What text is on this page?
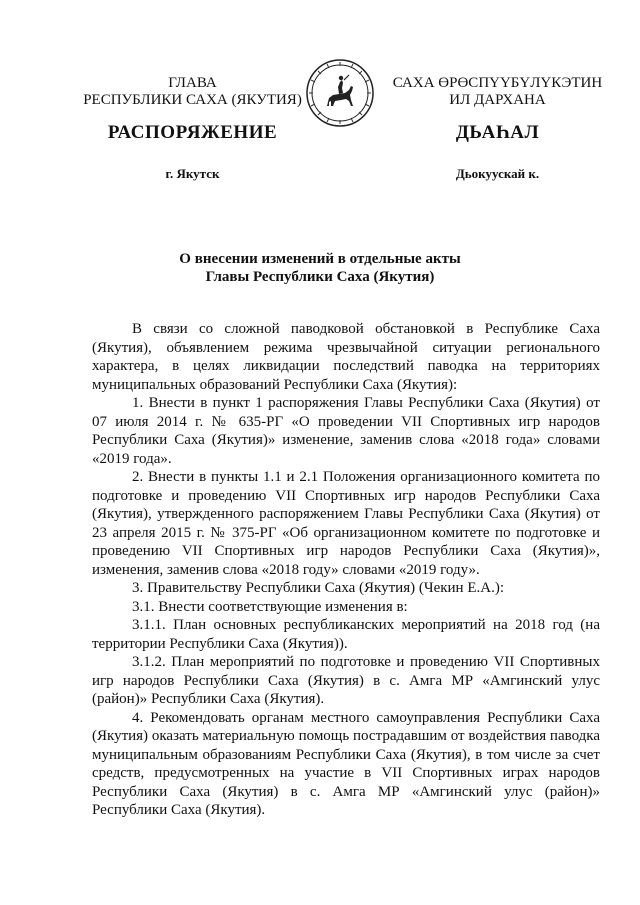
ГЛАВА
РЕСПУБЛИКИ САХА (ЯКУТИЯ)
САХА ӨРӨСПҮҮБҮЛҮКЭТИН
ИЛ ДАРХАНА
РАСПОРЯЖЕНИЕ	ДЬАҺАЛ
г. Якутск	Дьокуускай к.
О внесении изменений в отдельные акты
Главы Республики Саха (Якутия)

В связи со сложной паводковой обстановкой в Республике Саха (Якутия), объявлением режима чрезвычайной ситуации регионального характера, в целях ликвидации последствий паводка на территориях муниципальных образований Республики Саха (Якутия):

1. Внести в пункт 1 распоряжения Главы Республики Саха (Якутия) от 07 июля 2014 г. № 635-РГ «О проведении VII Спортивных игр народов Республики Саха (Якутия)» изменение, заменив слова «2018 года» словами «2019 года».

2. Внести в пункты 1.1 и 2.1 Положения организационного комитета по подготовке и проведению VII Спортивных игр народов Республики Саха (Якутия), утвержденного распоряжением Главы Республики Саха (Якутия) от 23 апреля 2015 г. № 375-РГ «Об организационном комитете по подготовке и проведению VII Спортивных игр народов Республики Саха (Якутия)», изменения, заменив слова «2018 году» словами «2019 году».

3. Правительству Республики Саха (Якутия) (Чекин Е.А.):

3.1. Внести соответствующие изменения в:

3.1.1. План основных республиканских мероприятий на 2018 год (на территории Республики Саха (Якутия)).

3.1.2. План мероприятий по подготовке и проведению VII Спортивных игр народов Республики Саха (Якутия) в с. Амга МР «Амгинский улус (район)» Республики Саха (Якутия).

4. Рекомендовать органам местного самоуправления Республики Саха (Якутия) оказать материальную помощь пострадавшим от воздействия паводка муниципальным образованиям Республики Саха (Якутия), в том числе за счет средств, предусмотренных на участие в VII Спортивных играх народов Республики Саха (Якутия) в с. Амга МР «Амгинский улус (район)» Республики Саха (Якутия).
